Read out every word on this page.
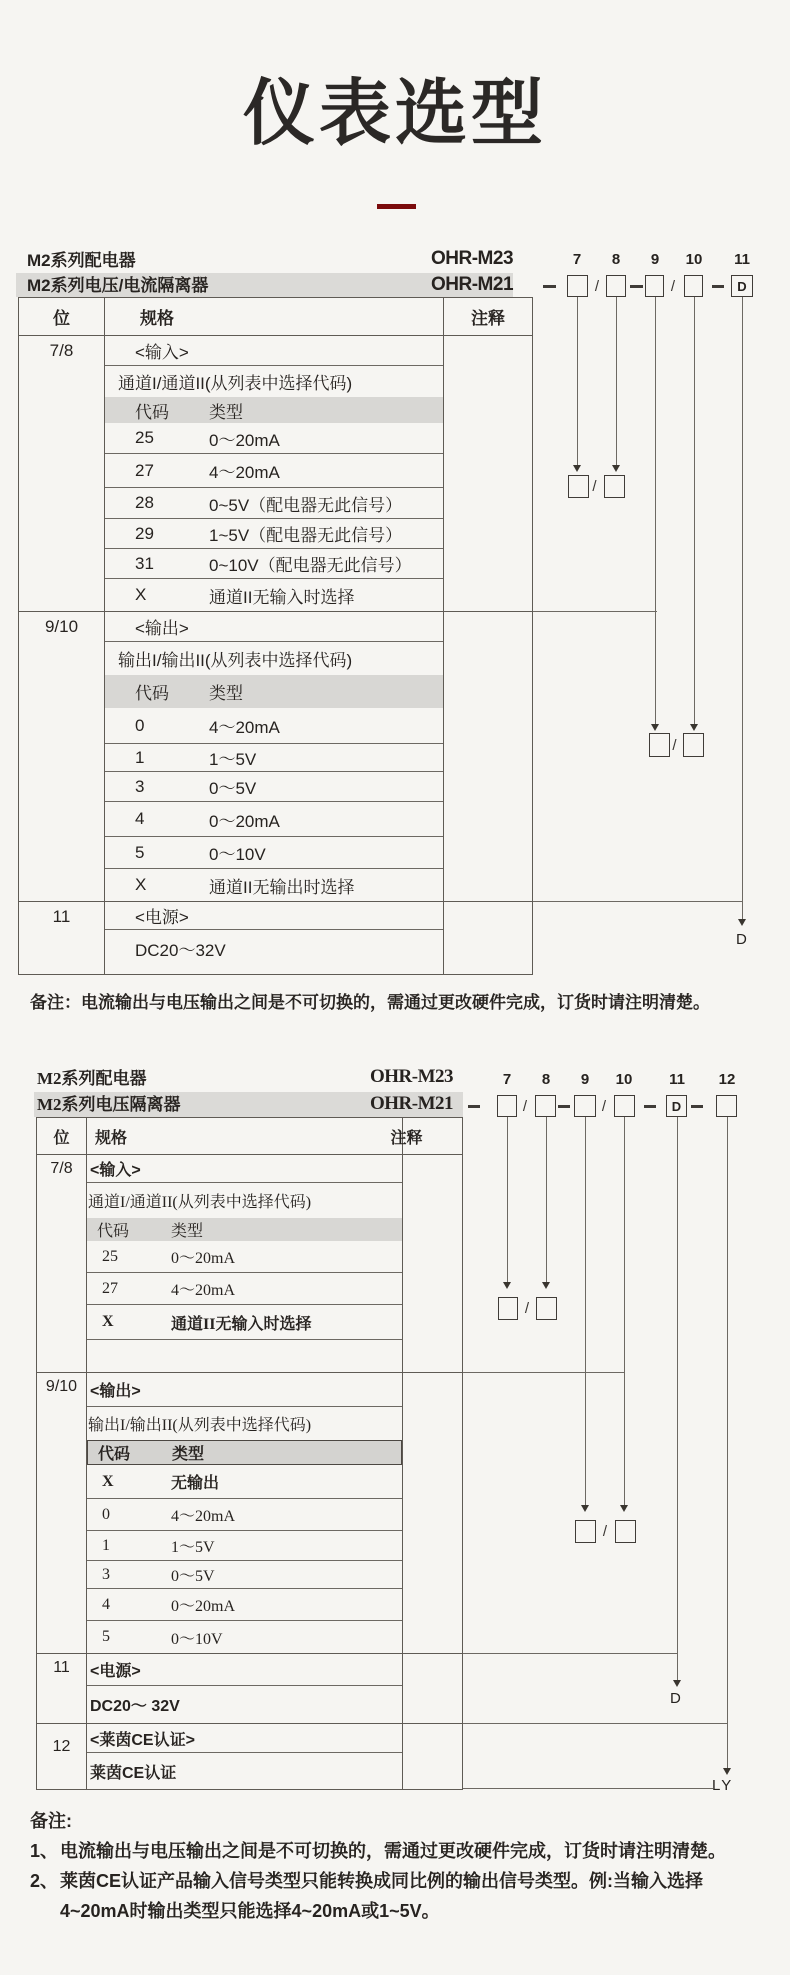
仪表选型
M2系列配电器	OHR-M23
M2系列电压/电流隔离器	OHR-M21
7	8	9	10	11
/	/	D
/
/
D
位	规格	注释
7/8	<输入>
通道I/通道II(从列表中选择代码)
代码	类型
25	0～20mA
27	4～20mA
28	0~5V（配电器无此信号）
29	1~5V（配电器无此信号）
31	0~10V（配电器无此信号）
X	通道II无输入时选择
9/10	<输出>
输出I/输出II(从列表中选择代码)
代码	类型
0	4～20mA
1	1～5V
3	0～5V
4	0～20mA
5	0～10V
X	通道II无输出时选择
11	<电源>
DC20～32V
备注：电流输出与电压输出之间是不可切换的，需通过更改硬件完成，订货时请注明清楚。
M2系列配电器	OHR-M23
M2系列电压隔离器	OHR-M21
7	8	9	10	11	12
/	/	D
/
/
D
LY
位	规格	注释
7/8	<输入>
通道I/通道II(从列表中选择代码)
代码	类型
25	0～20mA
27	4～20mA
X	通道II无输入时选择
9/10 <输出>
输出I/输出II(从列表中选择代码)
代码	类型
X	无输出
0	4～20mA
1	1～5V
3	0～5V
4	0～20mA
5	0～10V
11	<电源>
DC20～ 32V
12	<莱茵CE认证>
莱茵CE认证
备注:
1、 电流输出与电压输出之间是不可切换的，需通过更改硬件完成，订货时请注明清楚。
2、 莱茵CE认证产品输入信号类型只能转换成同比例的输出信号类型。例:当输入选择4~20mA时输出类型只能选择4~20mA或1~5V。
